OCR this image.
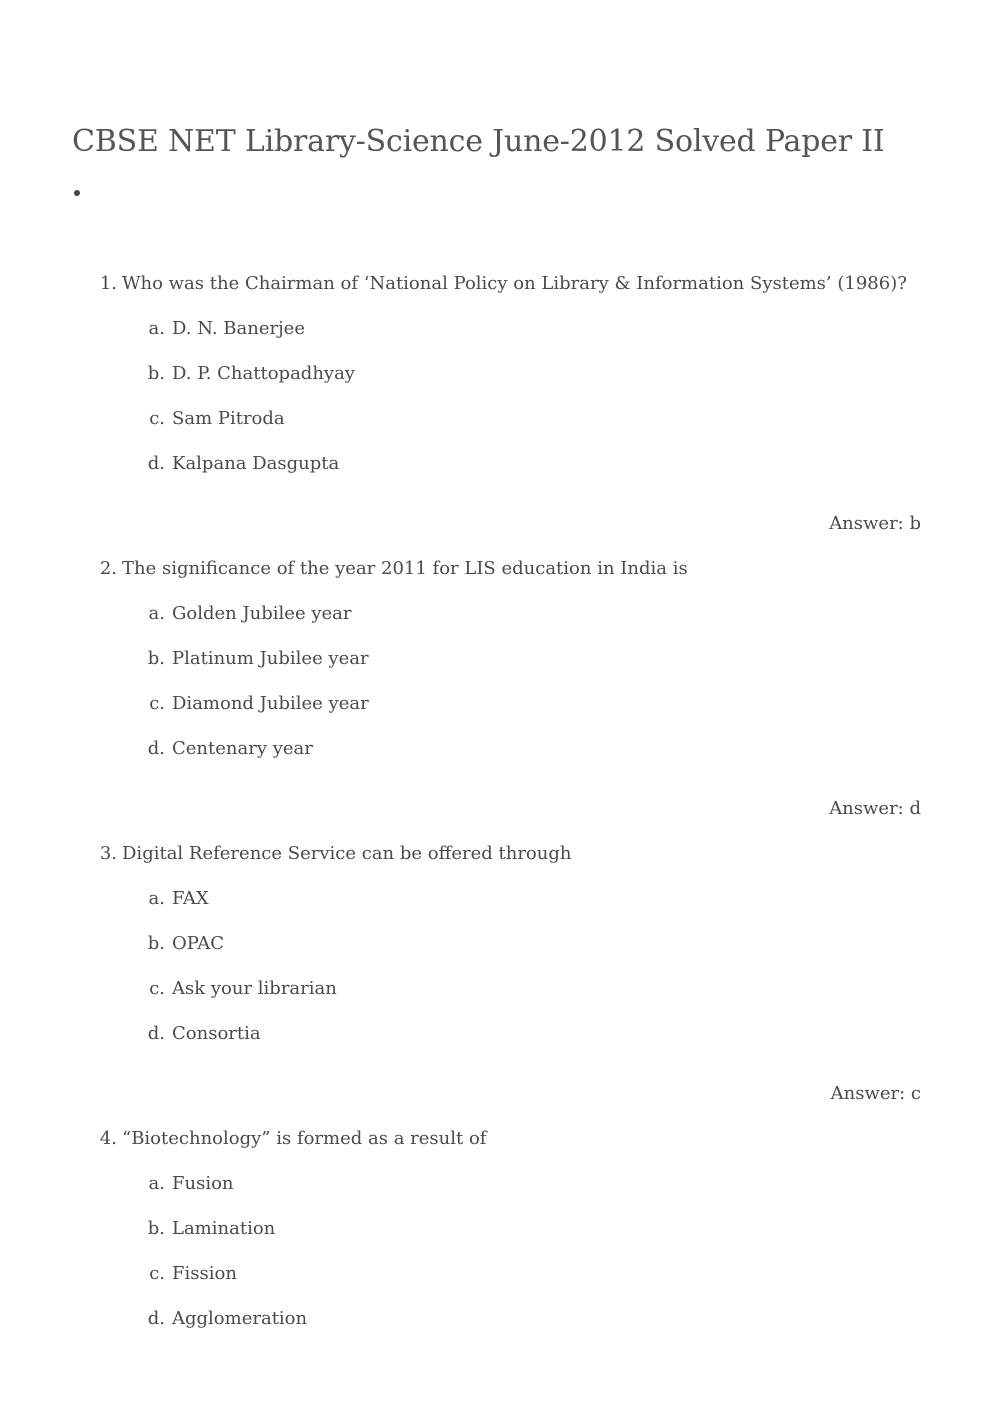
CBSE NET Library-Science June-2012 Solved Paper II
1. Who was the Chairman of ‘National Policy on Library & Information Systems’ (1986)?
a. D. N. Banerjee
b. D. P. Chattopadhyay
c. Sam Pitroda
d. Kalpana Dasgupta
Answer: b
2. The significance of the year 2011 for LIS education in India is
a. Golden Jubilee year
b. Platinum Jubilee year
c. Diamond Jubilee year
d. Centenary year
Answer: d
3. Digital Reference Service can be offered through
a. FAX
b. OPAC
c. Ask your librarian
d. Consortia
Answer: c
4. “Biotechnology” is formed as a result of
a. Fusion
b. Lamination
c. Fission
d. Agglomeration
